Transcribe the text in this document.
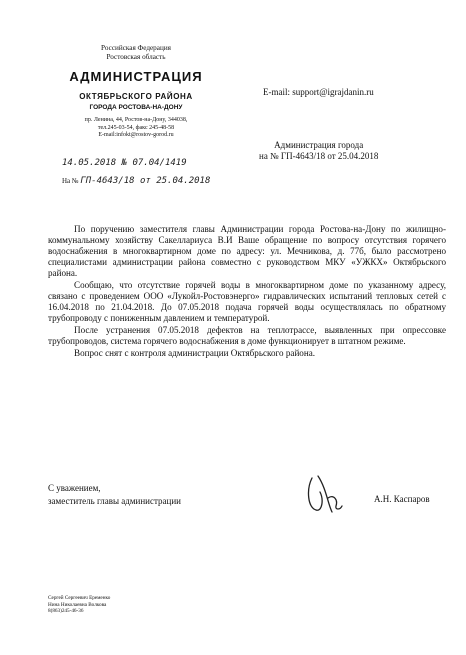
Российская Федерация
Ростовская область
АДМИНИСТРАЦИЯ
ОКТЯБРЬСКОГО РАЙОНА
ГОРОДА РОСТОВА-НА-ДОНУ
пр. Ленина, 44, Ростов-на-Дону, 344038,
тел.245-03-54, факс 245-48-58
E-mail:infokt@rostov-gorod.ru
14.05.2018 № 07.04/1419
На № ГП-4643/18 от 25.04.2018
E-mail: support@igrajdanin.ru
Администрация города
на № ГП-4643/18 от 25.04.2018

По поручению заместителя главы Администрации города Ростова-на-Дону по жилищно-коммунальному хозяйству Сакеллариуса В.И Ваше обращение по вопросу отсутствия горячего водоснабжения в многоквартирном доме по адресу: ул. Мечникова, д. 77б, было рассмотрено специалистами администрации района совместно с руководством МКУ «УЖКХ» Октябрьского района.

Сообщаю, что отсутствие горячей воды в многоквартирном доме по указанному адресу, связано с проведением ООО «Лукойл-Ростовэнерго» гидравлических испытаний тепловых сетей с 16.04.2018 по 21.04.2018. До 07.05.2018 подача горячей воды осуществлялась по обратному трубопроводу с пониженным давлением и температурой.

После устранения 07.05.2018 дефектов на теплотрассе, выявленных при опрессовке трубопроводов, система горячего водоснабжения в доме функционирует в штатном режиме.

Вопрос снят с контроля администрации Октябрьского района.

С уважением,
заместитель главы администрации	А.Н. Каспаров
Сергей Сергеевич Еременко
Нина Николаевна Волкова
8(863)245-46-36
